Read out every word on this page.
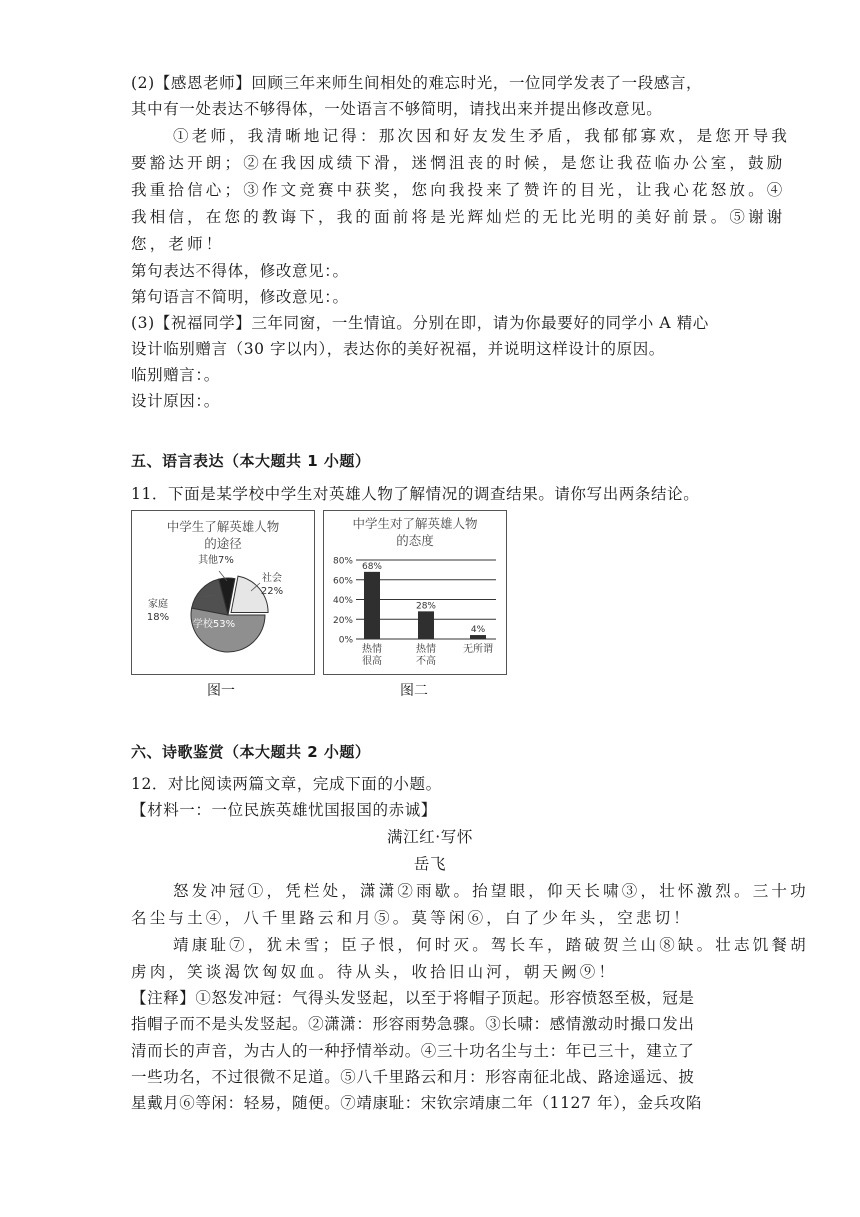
(2)【感恩老师】回顾三年来师生间相处的难忘时光，一位同学发表了一段感言，
其中有一处表达不够得体，一处语言不够简明，请找出来并提出修改意见。
①老师，我清晰地记得：那次因和好友发生矛盾，我郁郁寡欢，是您开导我
要豁达开朗；②在我因成绩下滑，迷惘沮丧的时候，是您让我莅临办公室，鼓励
我重拾信心；③作文竞赛中获奖，您向我投来了赞许的目光，让我心花怒放。④
我相信，在您的教诲下，我的面前将是光辉灿烂的无比光明的美好前景。⑤谢谢
您，老师！
第句表达不得体，修改意见：。
第句语言不简明，修改意见：。
(3)【祝福同学】三年同窗，一生情谊。分别在即，请为你最要好的同学小 A 精心
设计临别赠言（30 字以内），表达你的美好祝福，并说明这样设计的原因。
临别赠言：。
设计原因：。
五、语言表达（本大题共 1 小题）
11．下面是某学校中学生对英雄人物了解情况的调查结果。请你写出两条结论。
中学生了解英雄人物
的途径
学校53%
家庭
18%
其他7%
社会
22%
图一
中学生对了解英雄人物
的态度
0%
20%
40%
60%
80%
68%
热情
很高
28%
热情
不高
4%
无所谓
图二
六、诗歌鉴赏（本大题共 2 小题）
12．对比阅读两篇文章，完成下面的小题。
【材料一：一位民族英雄忧国报国的赤诚】
满江红·写怀
岳飞
怒发冲冠①，凭栏处，潇潇②雨歇。抬望眼，仰天长啸③，壮怀激烈。三十功
名尘与土④，八千里路云和月⑤。莫等闲⑥，白了少年头，空悲切！
靖康耻⑦，犹未雪；臣子恨，何时灭。驾长车，踏破贺兰山⑧缺。壮志饥餐胡
虏肉，笑谈渴饮匈奴血。待从头，收拾旧山河，朝天阙⑨！
【注释】①怒发冲冠：气得头发竖起，以至于将帽子顶起。形容愤怒至极，冠是
指帽子而不是头发竖起。②潇潇：形容雨势急骤。③长啸：感情激动时撮口发出
清而长的声音，为古人的一种抒情举动。④三十功名尘与土：年已三十，建立了
一些功名，不过很微不足道。⑤八千里路云和月：形容南征北战、路途遥远、披
星戴月⑥等闲：轻易，随便。⑦靖康耻：宋钦宗靖康二年（1127 年），金兵攻陷
